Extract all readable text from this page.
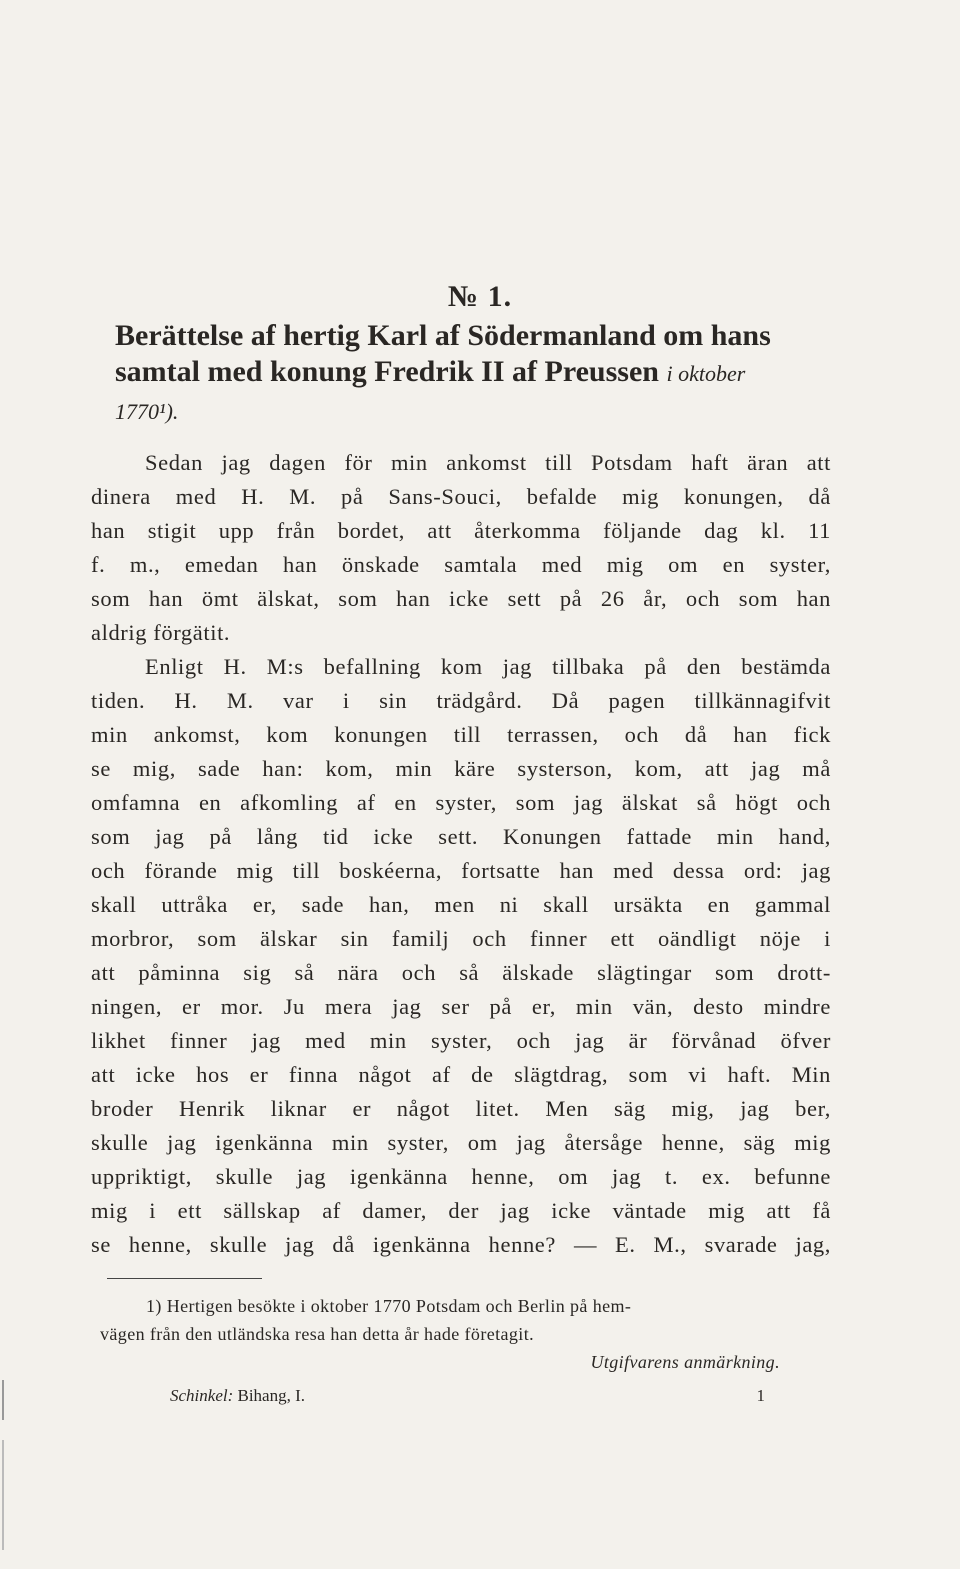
№ 1.
Berättelse af hertig Karl af Södermanland om hans
samtal med konung Fredrik II af Preussen i oktober
1770¹).
Sedan jag dagen för min ankomst till Potsdam haft äran att
dinera med H. M. på Sans-Souci, befalde mig konungen, då
han stigit upp från bordet, att återkomma följande dag kl. 11
f. m., emedan han önskade samtala med mig om en syster,
som han ömt älskat, som han icke sett på 26 år, och som han
aldrig förgätit.
Enligt H. M:s befallning kom jag tillbaka på den bestämda
tiden. H. M. var i sin trädgård. Då pagen tillkännagifvit
min ankomst, kom konungen till terrassen, och då han fick
se mig, sade han: kom, min käre systerson, kom, att jag må
omfamna en afkomling af en syster, som jag älskat så högt och
som jag på lång tid icke sett. Konungen fattade min hand,
och förande mig till boskéerna, fortsatte han med dessa ord: jag
skall uttråka er, sade han, men ni skall ursäkta en gammal
morbror, som älskar sin familj och finner ett oändligt nöje i
att påminna sig så nära och så älskade slägtingar som drott-
ningen, er mor. Ju mera jag ser på er, min vän, desto mindre
likhet finner jag med min syster, och jag är förvånad öfver
att icke hos er finna något af de slägtdrag, som vi haft. Min
broder Henrik liknar er något litet. Men säg mig, jag ber,
skulle jag igenkänna min syster, om jag återsåge henne, säg mig
uppriktigt, skulle jag igenkänna henne, om jag t. ex. befunne
mig i ett sällskap af damer, der jag icke väntade mig att få
se henne, skulle jag då igenkänna henne? — E. M., svarade jag,
1) Hertigen besökte i oktober 1770 Potsdam och Berlin på hem-
vägen från den utländska resa han detta år hade företagit.
Utgifvarens anmärkning.
Schinkel: Bihang, I.	1
